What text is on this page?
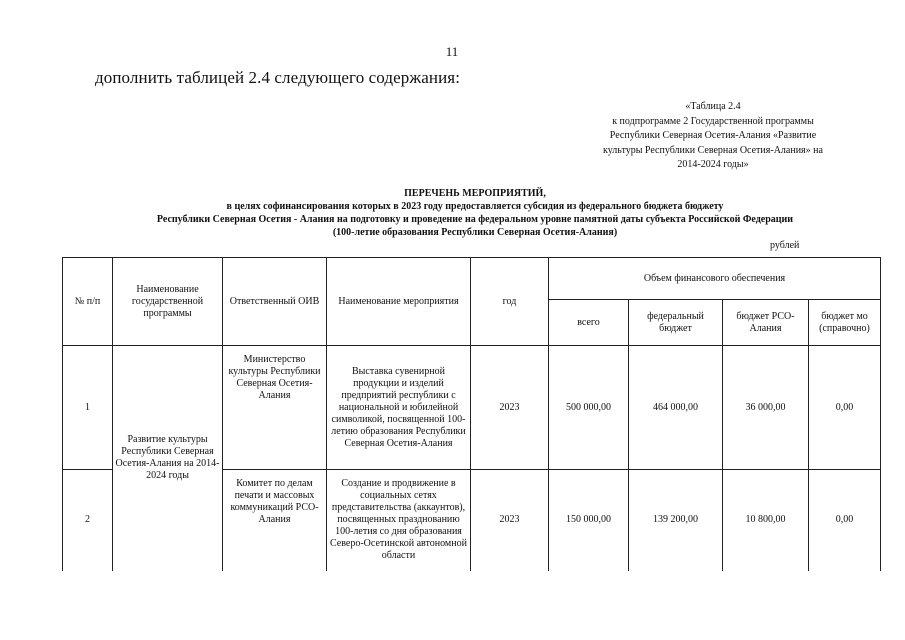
11
дополнить таблицей 2.4 следующего содержания:
«Таблица 2.4
к подпрограмме 2 Государственной программы
Республики Северная Осетия-Алания «Развитие
культуры Республики Северная Осетия-Алания» на
2014-2024 годы»
ПЕРЕЧЕНЬ МЕРОПРИЯТИЙ,
в целях софинансирования которых в 2023 году предоставляется субсидия из федерального бюджета бюджету
Республики Северная Осетия - Алания на подготовку и проведение на федеральном уровне памятной даты субъекта Российской Федерации
(100-летие образования Республики Северная Осетия-Алания)
рублей
№ п/п	Наименование государственной программы	Ответственный ОИВ	Наименование мероприятия	год	Объем финансового обеспечения			
					всего	федеральный бюджет	бюджет РСО-Алания	бюджет мо (справочно)
1	Развитие культуры Республики Северная Осетия-Алания на 2014-2024 годы	Министерство культуры Республики Северная Осетия-Алания	Выставка сувенирной продукции и изделий предприятий республики с национальной и юбилейной символикой, посвященной 100-летию образования Республики Северная Осетия-Алания	2023	500 000,00	464 000,00	36 000,00	0,00
2		Комитет по делам печати и массовых коммуникаций РСО-Алания	Создание и продвижение в социальных сетях представительства (аккаунтов), посвященных празднованию 100-летия со дня образования Северо-Осетинской автономной области	2023	150 000,00	139 200,00	10 800,00	0,00
